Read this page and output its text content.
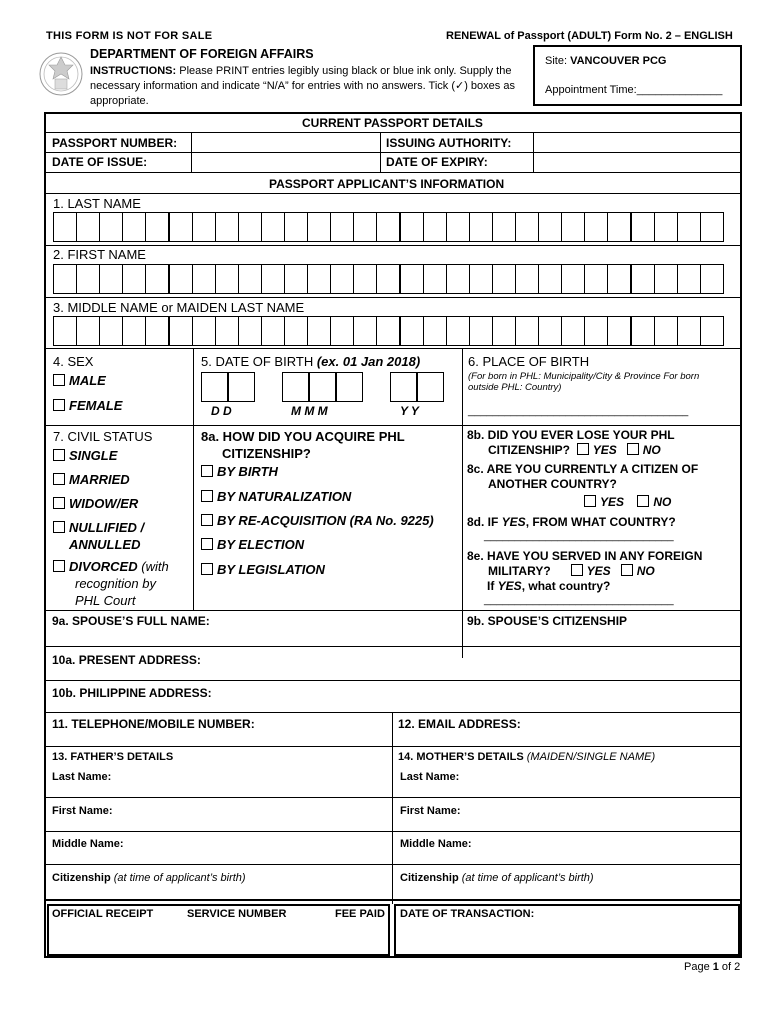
THIS FORM IS NOT FOR SALE	RENEWAL of Passport (ADULT) Form No. 2 – ENGLISH
DEPARTMENT OF FOREIGN AFFAIRS
INSTRUCTIONS: Please PRINT entries legibly using black or blue ink only. Supply the necessary information and indicate “N/A” for entries with no answers. Tick (✓) boxes as appropriate.
Site: VANCOUVER PCG
Appointment Time:______________
CURRENT PASSPORT DETAILS
PASSPORT NUMBER:	ISSUING AUTHORITY:
DATE OF ISSUE:	DATE OF EXPIRY:
PASSPORT APPLICANT’S INFORMATION
1. LAST NAME
2. FIRST NAME
3. MIDDLE NAME or MAIDEN LAST NAME
4. SEX
MALE
FEMALE
5. DATE OF BIRTH (ex. 01 Jan 2018)
D D	M M M	Y Y
6. PLACE OF BIRTH
(For born in PHL: Municipality/City & Province For born outside PHL: Country)
____________________________________
7. CIVIL STATUS
SINGLE
MARRIED
WIDOW/ER
NULLIFIED /
ANNULLED
DIVORCED (with
recognition by
PHL Court
8a. HOW DID YOU ACQUIRE PHL
CITIZENSHIP?
BY BIRTH
BY NATURALIZATION
BY RE-ACQUISITION (RA No. 9225)
BY ELECTION
BY LEGISLATION
8b. DID YOU EVER LOSE YOUR PHL
CITIZENSHIP? YES NO
8c. ARE YOU CURRENTLY A CITIZEN OF
ANOTHER COUNTRY?
YES NO
8d. IF YES, FROM WHAT COUNTRY?
_______________________________
8e. HAVE YOU SERVED IN ANY FOREIGN
MILITARY?	YES NO
If YES, what country?
_______________________________
9a. SPOUSE’S FULL NAME:	9b. SPOUSE’S CITIZENSHIP
10a. PRESENT ADDRESS:
10b. PHILIPPINE ADDRESS:
11. TELEPHONE/MOBILE NUMBER:	12. EMAIL ADDRESS:
13. FATHER’S DETAILS
Last Name:
14. MOTHER’S DETAILS (MAIDEN/SINGLE NAME)
Last Name:
First Name:	First Name:
Middle Name:	Middle Name:
Citizenship (at time of applicant’s birth)	Citizenship (at time of applicant’s birth)
OFFICIAL RECEIPT	SERVICE NUMBER	FEE PAID DATE OF TRANSACTION:
Page 1 of 2
